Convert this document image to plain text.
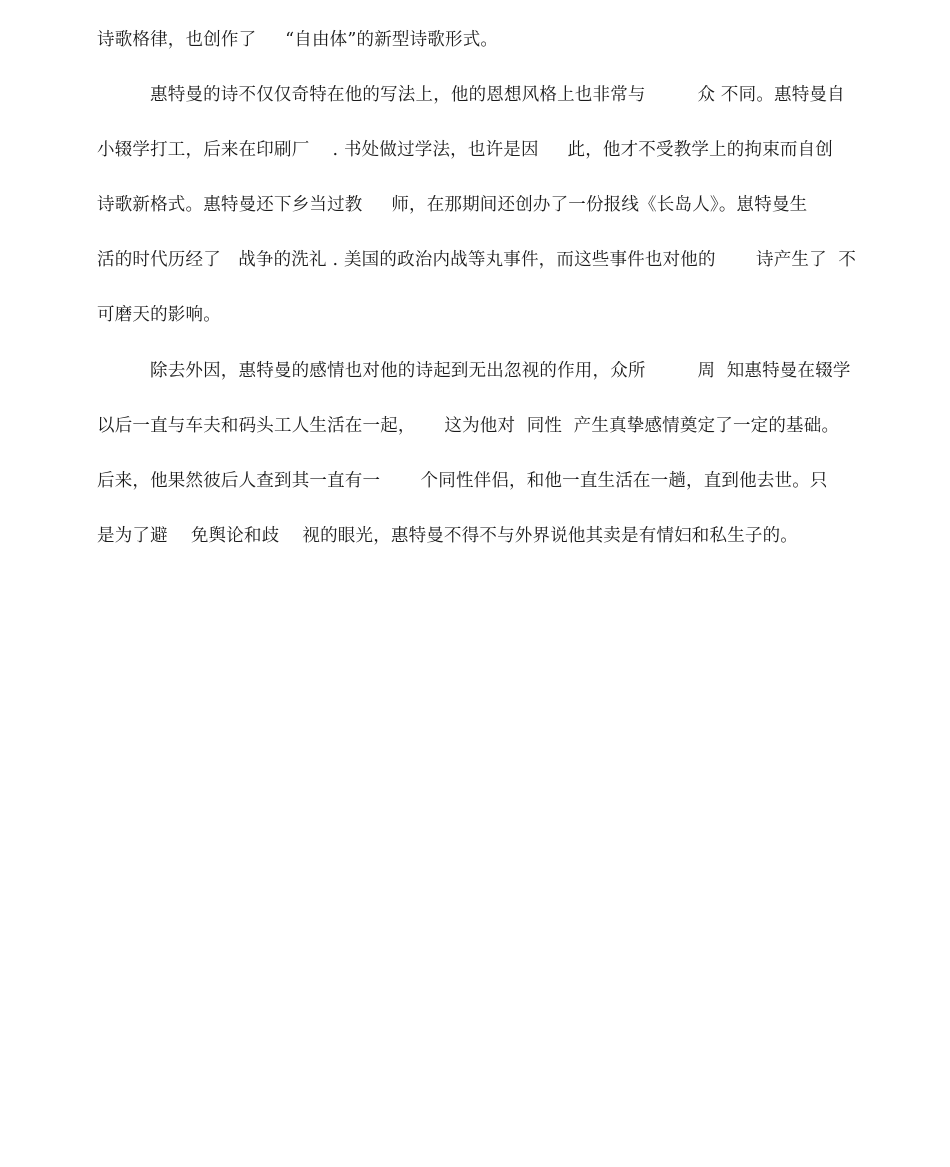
诗歌格律，也创作了     “自由体”的新型诗歌形式。
惠特曼的诗不仅仅奇特在他的写法上，他的恩想风格上也非常与         众 不同。惠特曼自
小辍学打工，后来在印刷厂    . 书处做过学法，也许是因     此，他才不受教学上的拘束而自创
诗歌新格式。惠特曼还下乡当过教     师，在那期间还创办了一份报线《长岛人》。崽特曼生
活的时代历经了   战争的洗礼 . 美国的政治内战等丸事件，而这些事件也对他的       诗产生了  不
可磨天的影响。
除去外因，惠特曼的感情也对他的诗起到无出忽视的作用，众所         周  知惠特曼在辍学
以后一直与车夫和码头工人生活在一起，     这为他对  同性  产生真挚感情奠定了一定的基础。
后来，他果然彼后人查到其一直有一       个同性伴侣，和他一直生活在一趟，直到他去世。只
是为了避    免舆论和歧    视的眼光，惠特曼不得不与外界说他其卖是有情妇和私生子的。
